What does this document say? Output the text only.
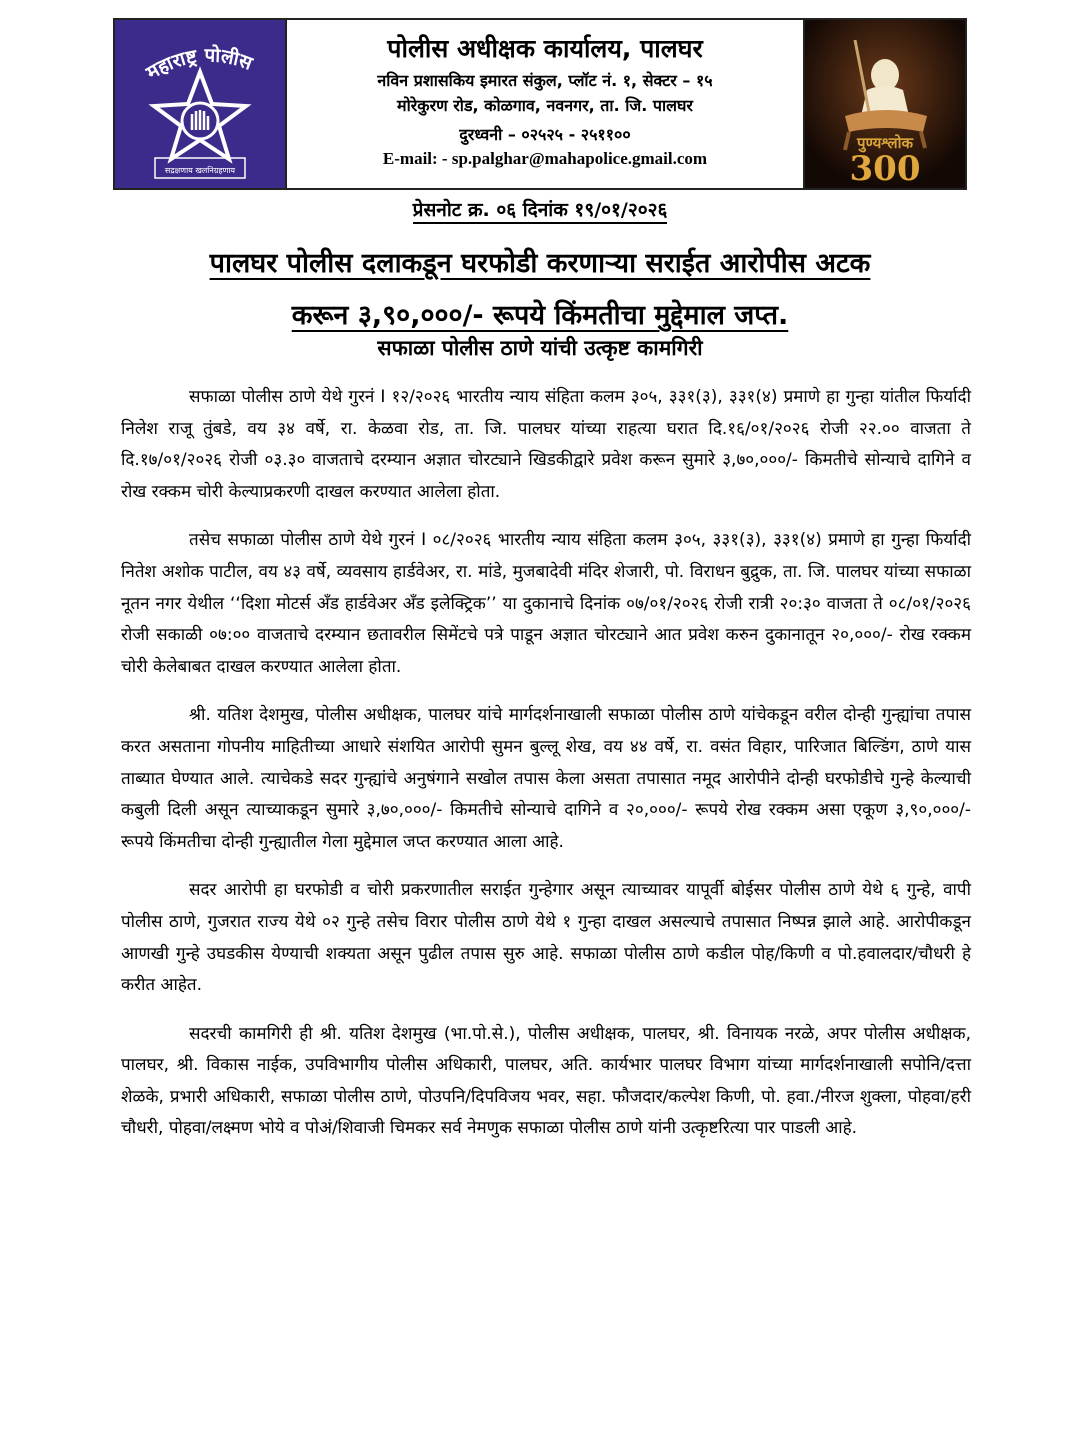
महाराष्ट्र पोलीस
सद्रक्षणाय खलनिग्रहणाय
पोलीस अधीक्षक कार्यालय, पालघर
नविन प्रशासकिय इमारत संकुल, प्लॉट नं. १, सेक्टर – १५
मोरेकुरण रोड, कोळगाव, नवनगर, ता. जि. पालघर
दुरध्वनी – ०२५२५ - २५११००
E-mail: - sp.palghar@mahapolice.gmail.com
पुण्यश्लोक
300
प्रेसनोट क्र. ०६ दिनांक १९/०१/२०२६
पालघर पोलीस दलाकडून घरफोडी करणाऱ्या सराईत आरोपीस अटक
करून ३,९०,०००/- रूपये किंमतीचा मुद्देमाल जप्त.
सफाळा पोलीस ठाणे यांची उत्कृष्ट कामगिरी

सफाळा पोलीस ठाणे येथे गुरनं I १२/२०२६ भारतीय न्याय संहिता कलम ३०५, ३३१(३), ३३१(४) प्रमाणे हा गुन्हा यांतील फिर्यादी निलेश राजू तुंबडे, वय ३४ वर्षे, रा. केळवा रोड, ता. जि. पालघर यांच्या राहत्या घरात दि.१६/०१/२०२६ रोजी २२.०० वाजता ते दि.१७/०१/२०२६ रोजी ०३.३० वाजताचे दरम्यान अज्ञात चोरट्याने खिडकीद्वारे प्रवेश करून सुमारे ३,७०,०००/- किमतीचे सोन्याचे दागिने व रोख रक्कम चोरी केल्याप्रकरणी दाखल करण्यात आलेला होता.

तसेच सफाळा पोलीस ठाणे येथे गुरनं I ०८/२०२६ भारतीय न्याय संहिता कलम ३०५, ३३१(३), ३३१(४) प्रमाणे हा गुन्हा फिर्यादी नितेश अशोक पाटील, वय ४३ वर्षे, व्यवसाय हार्डवेअर, रा. मांडे, मुजबादेवी मंदिर शेजारी, पो. विराधन बुद्रुक, ता. जि. पालघर यांच्या सफाळा नूतन नगर येथील ‘‘दिशा मोटर्स अँड हार्डवेअर अँड इलेक्ट्रिक’’ या दुकानाचे दिनांक ०७/०१/२०२६ रोजी रात्री २०:३० वाजता ते ०८/०१/२०२६ रोजी सकाळी ०७:०० वाजताचे दरम्यान छतावरील सिमेंटचे पत्रे पाडून अज्ञात चोरट्याने आत प्रवेश करुन दुकानातून २०,०००/- रोख रक्कम चोरी केलेबाबत दाखल करण्यात आलेला होता.

श्री. यतिश देशमुख, पोलीस अधीक्षक, पालघर यांचे मार्गदर्शनाखाली सफाळा पोलीस ठाणे यांचेकडून वरील दोन्ही गुन्ह्यांचा तपास करत असताना गोपनीय माहितीच्या आधारे संशयित आरोपी सुमन बुल्लू शेख, वय ४४ वर्षे, रा. वसंत विहार, पारिजात बिल्डिंग, ठाणे यास ताब्यात घेण्यात आले. त्याचेकडे सदर गुन्ह्यांचे अनुषंगाने सखोल तपास केला असता तपासात नमूद आरोपीने दोन्ही घरफोडीचे गुन्हे केल्याची कबुली दिली असून त्याच्याकडून सुमारे ३,७०,०००/- किमतीचे सोन्याचे दागिने व २०,०००/- रूपये रोख रक्कम असा एकूण ३,९०,०००/- रूपये किंमतीचा दोन्ही गुन्ह्यातील गेला मुद्देमाल जप्त करण्यात आला आहे.

सदर आरोपी हा घरफोडी व चोरी प्रकरणातील सराईत गुन्हेगार असून त्याच्यावर यापूर्वी बोईसर पोलीस ठाणे येथे ६ गुन्हे, वापी पोलीस ठाणे, गुजरात राज्य येथे ०२ गुन्हे तसेच विरार पोलीस ठाणे येथे १ गुन्हा दाखल असल्याचे तपासात निष्पन्न झाले आहे. आरोपीकडून आणखी गुन्हे उघडकीस येण्याची शक्यता असून पुढील तपास सुरु आहे. सफाळा पोलीस ठाणे कडील पोह/किणी व पो.हवालदार/चौधरी हे करीत आहेत.

सदरची कामगिरी ही श्री. यतिश देशमुख (भा.पो.से.), पोलीस अधीक्षक, पालघर, श्री. विनायक नरळे, अपर पोलीस अधीक्षक, पालघर, श्री. विकास नाईक, उपविभागीय पोलीस अधिकारी, पालघर, अति. कार्यभार पालघर विभाग यांच्या मार्गदर्शनाखाली सपोनि/दत्ता शेळके, प्रभारी अधिकारी, सफाळा पोलीस ठाणे, पोउपनि/दिपविजय भवर, सहा. फौजदार/कल्पेश किणी, पो. हवा./नीरज शुक्ला, पोहवा/हरी चौधरी, पोहवा/लक्ष्मण भोये व पोअं/शिवाजी चिमकर सर्व नेमणुक सफाळा पोलीस ठाणे यांनी उत्कृष्टरित्या पार पाडली आहे.
